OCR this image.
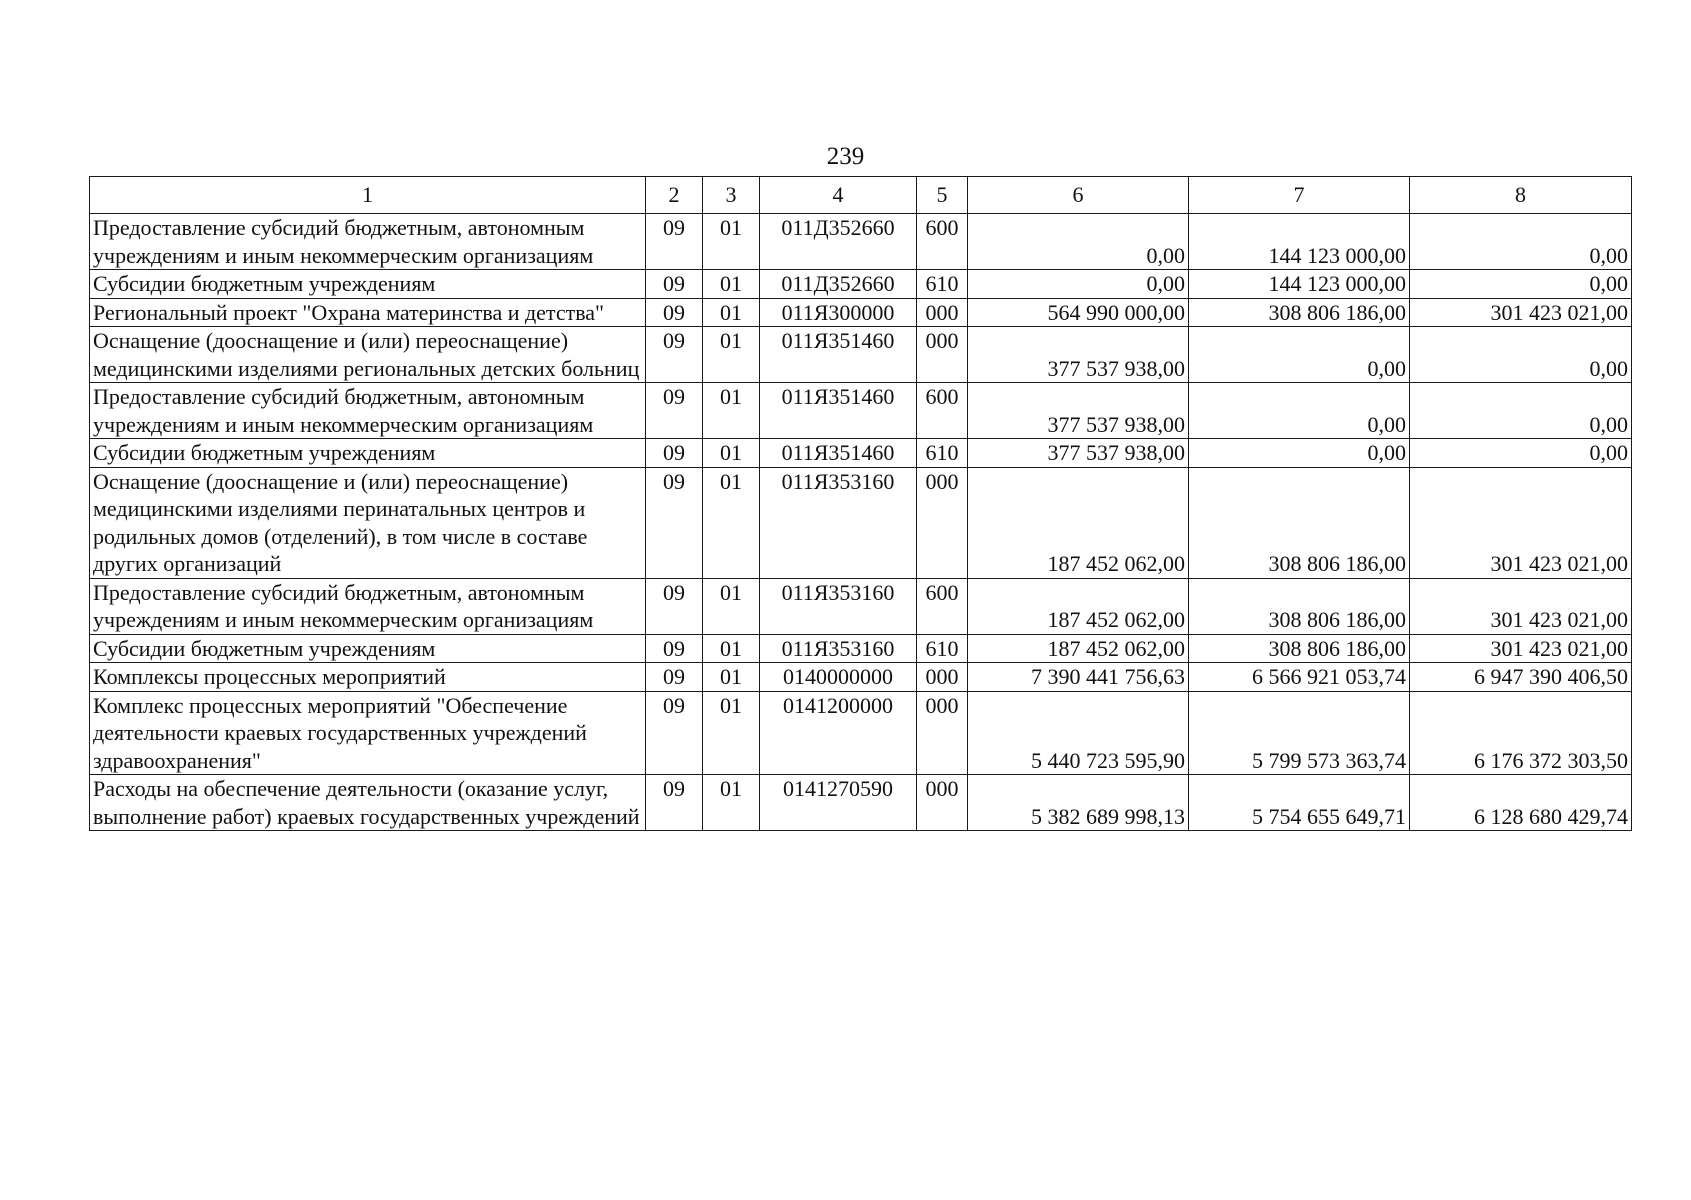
239
1	2	3	4	5	6	7	8
Предоставление субсидий бюджетным, автономным учреждениям и иным некоммерческим организациям	09	01	011Д352660	600	0,00	144 123 000,00	0,00
Субсидии бюджетным учреждениям	09	01	011Д352660	610	0,00	144 123 000,00	0,00
Региональный проект "Охрана материнства и детства"	09	01	011Я300000	000	564 990 000,00	308 806 186,00	301 423 021,00
Оснащение (дооснащение и (или) переоснащение) медицинскими изделиями региональных детских больниц	09	01	011Я351460	000	377 537 938,00	0,00	0,00
Предоставление субсидий бюджетным, автономным учреждениям и иным некоммерческим организациям	09	01	011Я351460	600	377 537 938,00	0,00	0,00
Субсидии бюджетным учреждениям	09	01	011Я351460	610	377 537 938,00	0,00	0,00
Оснащение (дооснащение и (или) переоснащение) медицинскими изделиями перинатальных центров и родильных домов (отделений), в том числе в составе других организаций	09	01	011Я353160	000	187 452 062,00	308 806 186,00	301 423 021,00
Предоставление субсидий бюджетным, автономным учреждениям и иным некоммерческим организациям	09	01	011Я353160	600	187 452 062,00	308 806 186,00	301 423 021,00
Субсидии бюджетным учреждениям	09	01	011Я353160	610	187 452 062,00	308 806 186,00	301 423 021,00
Комплексы процессных мероприятий	09	01	0140000000	000	7 390 441 756,63	6 566 921 053,74	6 947 390 406,50
Комплекс процессных мероприятий "Обеспечение деятельности краевых государственных учреждений здравоохранения"	09	01	0141200000	000	5 440 723 595,90	5 799 573 363,74	6 176 372 303,50
Расходы на обеспечение деятельности (оказание услуг, выполнение работ) краевых государственных учреждений	09	01	0141270590	000	5 382 689 998,13	5 754 655 649,71	6 128 680 429,74
